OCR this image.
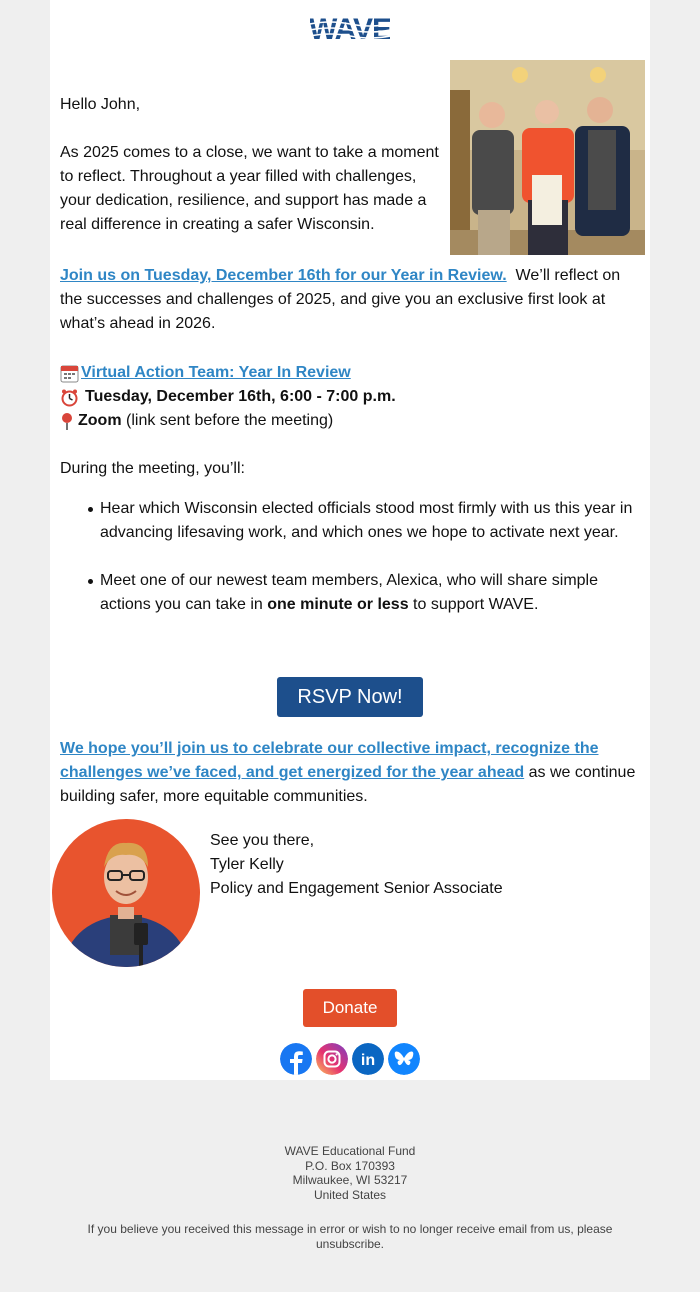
Hello John,

As 2025 comes to a close, we want to take a moment to reflect. Throughout a year filled with challenges, your dedication, resilience, and support has made a real difference in creating a safer Wisconsin.

Join us on Tuesday, December 16th for our Year in Review. We’ll reflect on the successes and challenges of 2025, and give you an exclusive first look at what’s ahead in 2026.

Virtual Action Team: Year In Review
Tuesday, December 16th, 6:00 - 7:00 p.m.
Zoom
(link sent before the meeting)

During the meeting, you’ll:

Hear which Wisconsin elected officials stood most firmly with us this year in advancing lifesaving work, and which ones we hope to activate next year.
Meet one of our newest team members, Alexica, who will share simple actions you can take in one minute or less to support WAVE.
RSVP Now!

We hope you’ll join us to celebrate our collective impact, recognize the challenges we’ve faced, and get energized for the year ahead as we continue building safer, more equitable communities.

See you there,
Tyler Kelly
Policy and Engagement Senior Associate
Donate
in
WAVE Educational Fund
P.O. Box 170393
Milwaukee, WI 53217
United States
If you believe you received this message in error or wish to no longer receive email from us, please unsubscribe.
